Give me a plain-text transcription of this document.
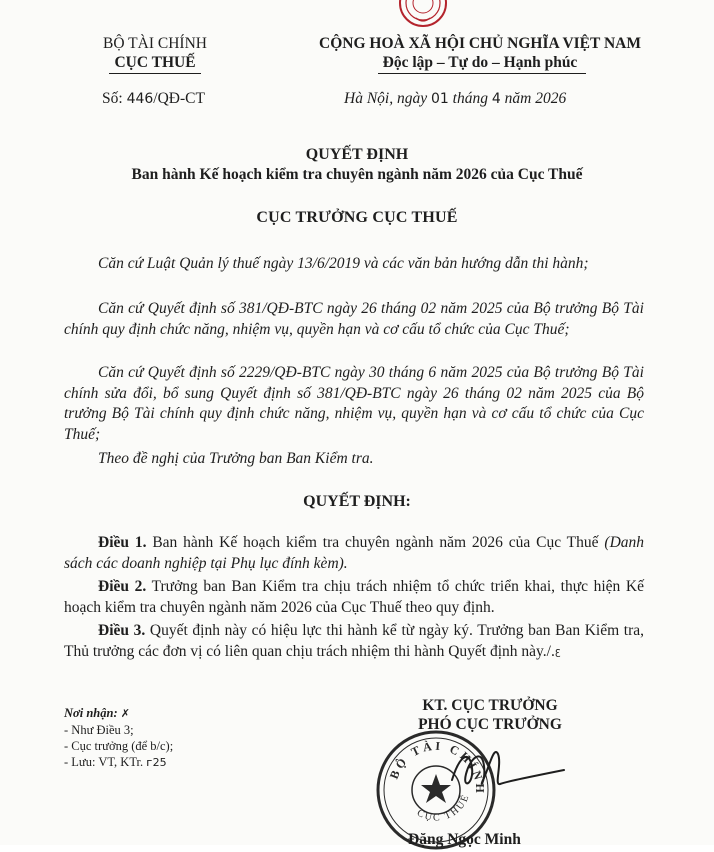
BỘ TÀI CHÍNH
CỤC THUẾ
CỘNG HOÀ XÃ HỘI CHỦ NGHĨA VIỆT NAM
Độc lập – Tự do – Hạnh phúc
Số: 446/QĐ-CT	Hà Nội, ngày 01 tháng 4 năm 2026
QUYẾT ĐỊNH
Ban hành Kế hoạch kiểm tra chuyên ngành năm 2026 của Cục Thuế
CỤC TRƯỞNG CỤC THUẾ

Căn cứ Luật Quản lý thuế ngày 13/6/2019 và các văn bản hướng dẫn thi hành;

Căn cứ Quyết định số 381/QĐ-BTC ngày 26 tháng 02 năm 2025 của Bộ trưởng Bộ Tài chính quy định chức năng, nhiệm vụ, quyền hạn và cơ cấu tổ chức của Cục Thuế;

Căn cứ Quyết định số 2229/QĐ-BTC ngày 30 tháng 6 năm 2025 của Bộ trưởng Bộ Tài chính sửa đổi, bổ sung Quyết định số 381/QĐ-BTC ngày 26 tháng 02 năm 2025 của Bộ trưởng Bộ Tài chính quy định chức năng, nhiệm vụ, quyền hạn và cơ cấu tổ chức của Cục Thuế;

Theo đề nghị của Trưởng ban Ban Kiểm tra.

QUYẾT ĐỊNH:

Điều 1. Ban hành Kế hoạch kiểm tra chuyên ngành năm 2026 của Cục Thuế (Danh sách các doanh nghiệp tại Phụ lục đính kèm).

Điều 2. Trưởng ban Ban Kiểm tra chịu trách nhiệm tổ chức triển khai, thực hiện Kế hoạch kiểm tra chuyên ngành năm 2026 của Cục Thuế theo quy định.

Điều 3. Quyết định này có hiệu lực thi hành kể từ ngày ký. Trưởng ban Ban Kiểm tra, Thủ trưởng các đơn vị có liên quan chịu trách nhiệm thi hành Quyết định này./.$^ꜫ$

Nơi nhận: ✗
- Như Điều 3;
- Cục trưởng (để b/c);
- Lưu: VT, KTr. ᴦ25
KT. CỤC TRƯỞNG
PHÓ CỤC TRƯỞNG
BỘ TÀI CHÍNH
CỤC THUẾ
Đặng Ngọc Minh
